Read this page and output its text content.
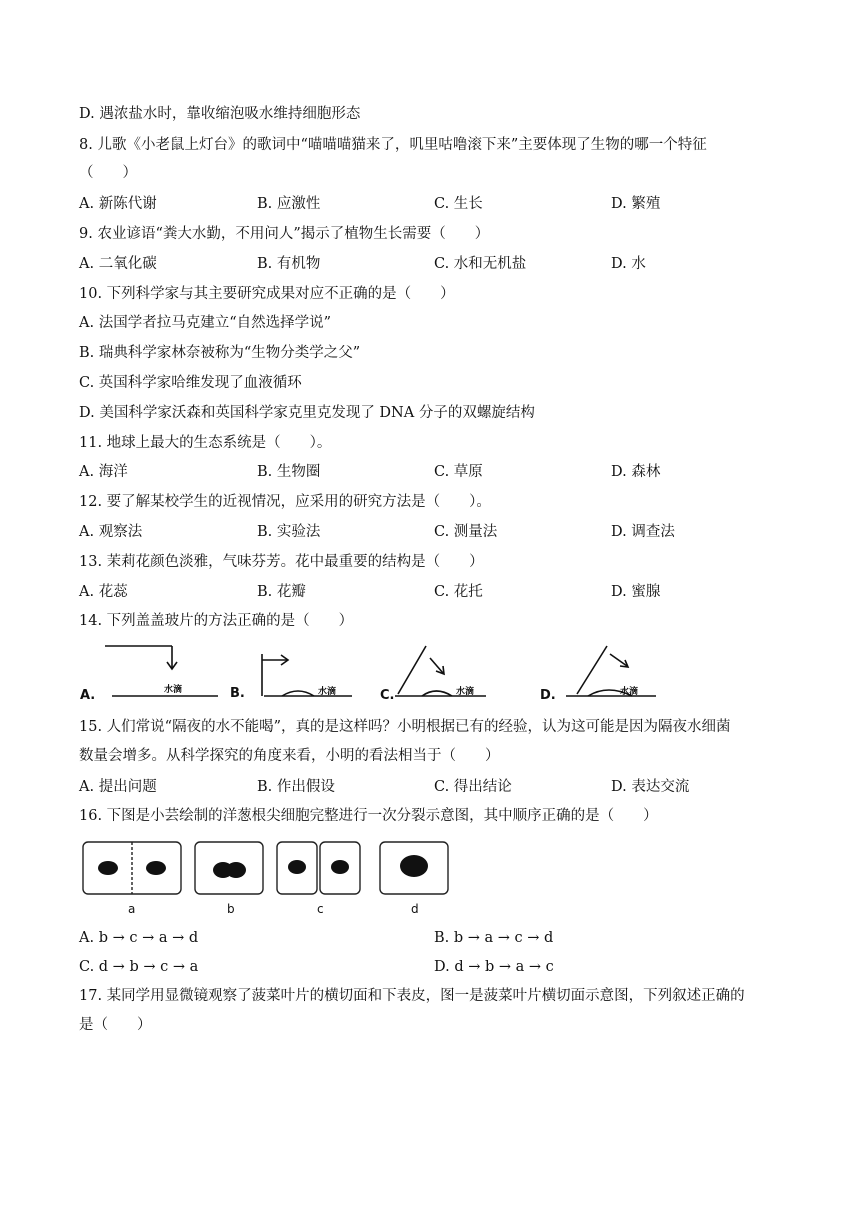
D. 遇浓盐水时，靠收缩泡吸水维持细胞形态
8. 儿歌《小老鼠上灯台》的歌词中“喵喵喵猫来了，叽里咕噜滚下来”主要体现了生物的哪一个特征
（　　）
A. 新陈代谢	B. 应激性	C. 生长	D. 繁殖
9. 农业谚语“粪大水勤，不用问人”揭示了植物生长需要（　　）
A. 二氧化碳	B. 有机物	C. 水和无机盐	D. 水
10. 下列科学家与其主要研究成果对应不正确的是（　　）
A. 法国学者拉马克建立“自然选择学说”
B. 瑞典科学家林奈被称为“生物分类学之父”
C. 英国科学家哈维发现了血液循环
D. 美国科学家沃森和英国科学家克里克发现了 DNA 分子的双螺旋结构
11. 地球上最大的生态系统是（　　）。
A. 海洋	B. 生物圈	C. 草原	D. 森林
12. 要了解某校学生的近视情况，应采用的研究方法是（　　）。
A. 观察法	B. 实验法	C. 测量法	D. 调查法
13. 茉莉花颜色淡雅，气味芬芳。花中最重要的结构是（　　）
A. 花蕊	B. 花瓣	C. 花托	D. 蜜腺
14. 下列盖盖玻片的方法正确的是（　　）
A.	B.	C.	D.
水滴	水滴	水滴	水滴
15. 人们常说“隔夜的水不能喝”，真的是这样吗？小明根据已有的经验，认为这可能是因为隔夜水细菌
数量会增多。从科学探究的角度来看，小明的看法相当于（　　）
A. 提出问题	B. 作出假设	C. 得出结论	D. 表达交流
16. 下图是小芸绘制的洋葱根尖细胞完整进行一次分裂示意图，其中顺序正确的是（　　）
a	b	c	d
A. b → c → a → d	B. b → a → c → d
C. d → b → c → a	D. d → b → a → c
17. 某同学用显微镜观察了菠菜叶片的横切面和下表皮，图一是菠菜叶片横切面示意图，下列叙述正确的
是（　　）
